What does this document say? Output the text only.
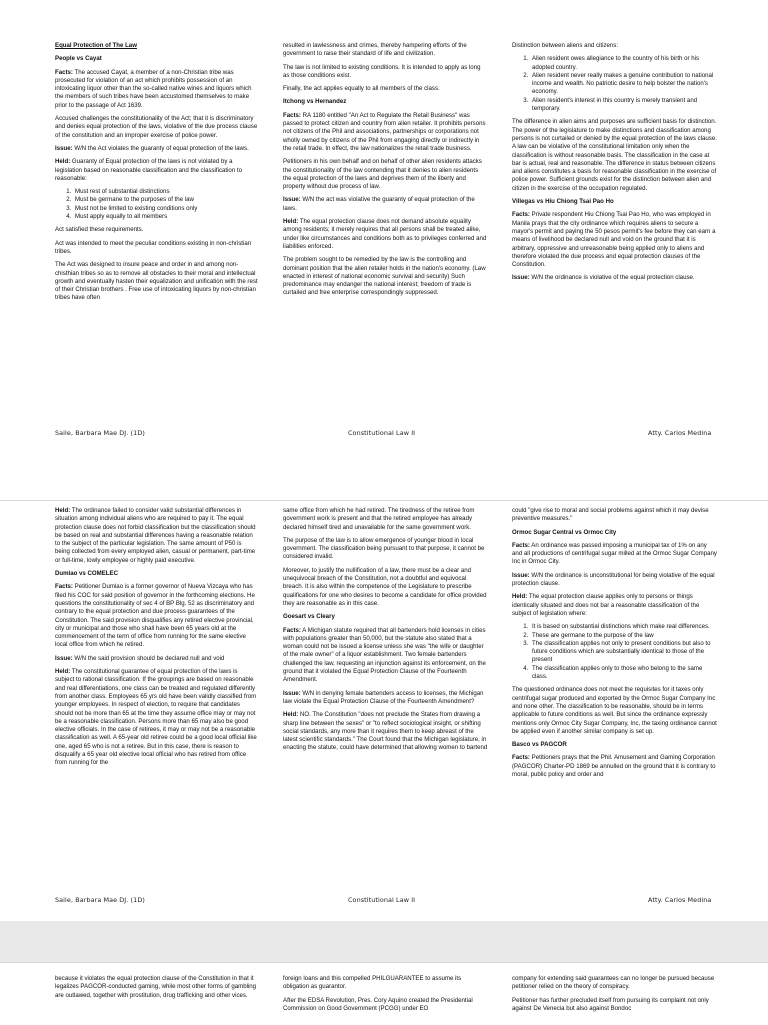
Equal Protection of The Law

People vs Cayat

Facts: The accused Cayat, a member of a non-Christian tribe was prosecuted for violation of an act which prohibits possession of an intoxicating liquor other than the so-called native wines and liquors which the members of such tribes have been accustomed themselves to make prior to the passage of Act 1639.

Accused challenges the constitutionality of the Act; that it is discriminatory and denies equal protection of the laws, violative of the due process clause of the constitution and an improper exercise of police power.

Issue: W/N the Act violates the guaranty of equal protection of the laws.

Held: Guaranty of Equal protection of the laws is not violated by a legislation based on reasonable classification and the classification to reasonable:

1. Must rest of substantial distinctions
2. Must be germane to the purposes of the law
3. Must not be limited to existing conditions only
4. Must apply equally to all members

Act satisfied these requirements.

Act was intended to meet the peculiar conditions existing in non-christian tribes.

The Act was designed to insure peace and order in and among non-chisthian tribes so as to remove all obstacles to their moral and intellectual growth and eventually hasten their equalization and unification with the rest of their Christian brothers . Free use of intoxicating liquors by non-christian tribes have often

resulted in lawlessness and crimes, thereby hampering efforts of the government to raise their standard of life and civilization.

The law is not limited to existing conditions. It is intended to apply as long as those conditions exist.

Finally, the act applies equally to all members of the class.

Itchong vs Hernandez

Facts: RA 1180 entitled "An Act to Regulate the Retail Business" was passed to protect citizen and country from alien retailer. It prohibits persons not citizens of the Phil and associations, partnerships or corporations not wholly owned by citizens of the Phil from engaging directly or indirectly in the retail trade. In effect, the law nationalizes the retail trade business.

Petitioners in his own behalf and on behalf of other alien residents attacks the constitutionality of the law contending that it denies to alien residents the equal protection of the laws and deprives them of the liberty and property without due process of law.

Issue: W/N the act was violative the guaranty of equal protection of the laws.

Held: The equal protection clause does not demand absolute equality among residents; it merely requires that all persons shall be treated alike, under like circumstances and conditions both as to privileges conferred and liabilities enforced.

The problem sought to be remedied by the law is the controlling and dominant position that the alien retailer holds in the nation's economy. (Law enacted in interest of national economic survival and security) Such predominance may endanger the national interest; freedom of trade is curtailed and free enterprise correspondingly suppressed.

Distinction between aliens and citizens:

1. Alien resident owes allegiance to the country of his birth or his adopted country.
2. Alien resident never really makes a genuine contribution to national income and wealth. No patriotic desire to help bolster the nation's economy.
3. Alien resident's interest in this country is merely transient and temporary.

The difference in alien aims and purposes are sufficient basis for distinction. The power of the legislature to make distinctions and classification among persons is not curtailed or denied by the equal protection of the laws clause. A law can be violative of the constitutional limitation only when the classification is without reasonable basis. The classification in the case at bar is actual, real and reasonable. The difference in status between citizens and aliens constitutes a basis for reasonable classification in the exercise of police power. Sufficient grounds exist for the distinction between alien and citizen in the exercise of the occupation regulated.

Villegas vs Hiu Chiong Tsai Pao Ho

Facts: Private respondent Hiu Chiong Tsai Pao Ho, who was employed in Manila prays that the city ordinance which requires aliens to secure a mayor's permit and paying the 50 pesos permit's fee before they can earn a means of livelihood be declared null and void on the ground that it is arbitrary, oppressive and unreasonable being applied only to aliens and therefore violated the due process and equal protection clauses of the Constitution.

Issue: W/N the ordinance is violative of the equal protection clause.

Saile, Barbara Mae DJ. (1D)	Constitutional Law II	Atty. Carlos Medina

Held: The ordinance failed to consider valid substantial differences in situation among individual aliens who are required to pay it. The equal protection clause does not forbid classification but the classification should be based on real and substantial differences having a reasonable relation to the subject of the particular legislation. The same amount of P50 is being collected from every employed alien, casual or permanent, part-time or full-time, lowly employee or highly paid executive.

Dumlao vs COMELEC

Facts: Petitioner Dumlao is a former governor of Nueva Vizcaya who has filed his COC for said position of governor in the forthcoming elections. He questions the constitutionality of sec 4 of BP Blg. 52 as discriminatory and contrary to the equal protection and due process guarantees of the Constitution. The said provision disqualifies any retired elective provincial, city or municipal and those who shall have been 65 years old at the commencement of the term of office from running for the same elective local office from which he retired.

Issue: W/N the said provision should be declared null and void

Held: The constitutional guarantee of equal protection of the laws is subject to rational classification. If the groupings are based on reasonable and real differentiations, one class can be treated and regulated differently from another class. Employees 65 yrs old have been validly classified from younger employees. In respect of election, to require that candidates should not be more than 65 at the time they assume office may or may not be a reasonable classification. Persons more than 65 may also be good elective officials. In the case of retirees, it may or may not be a reasonable classification as well. A 65-year old retiree could be a good local official like one, aged 65 who is not a retiree. But in this case, there is reason to disqualify a 65 year old elective local official who has retired from office from running for the

same office from which he had retired. The tiredness of the retiree from government work is present and that the retired employee has already declared himself tired and unavailable for the same government work.

The purpose of the law is to allow emergence of younger blood in local government. The classification being pursuant to that purpose, it cannot be considered invalid.

Moreover, to justify the nullification of a law, there must be a clear and unequivocal breach of the Constitution, not a doubtful and equivocal breach. It is also within the competence of the Legislature to prescribe qualifications for one who desires to become a candidate for office provided they are reasonable as in this case.

Goesart vs Cleary

Facts: A Michigan statute required that all bartenders hold licenses in cities with populations greater than 50,000, but the statute also stated that a woman could not be issued a license unless she was "the wife or daughter of the male owner" of a liquor establishment. Two female bartenders challenged the law, requesting an injunction against its enforcement, on the ground that it violated the Equal Protection Clause of the Fourteenth Amendment.

Issue: W/N in denying female bartenders access to licenses, the Michigan law violate the Equal Protection Clause of the Fourteenth Amendment?

Held: NO. The Constitution "does not preclude the States from drawing a sharp line between the sexes" or "to reflect sociological insight, or shifting social standards, any more than it requires them to keep abreast of the latest scientific standards." The Court found that the Michigan legislature, in enacting the statute, could have determined that allowing women to bartend

could "give rise to moral and social problems against which it may devise preventive measures."

Ormoc Sugar Central vs Ormoc City

Facts: An ordinance was passed imposing a municipal tax of 1% on any and all productions of centrifugal sugar milled at the Ormoc Sugar Company Inc in Ormoc City.

Issue: W/N the ordinance is unconstitutional for being violative of the equal protection clause.

Held: The equal protection clause applies only to persons or things identically situated and does not bar a reasonable classification of the subject of legislation where:

1. It is based on substantial distinctions which make real differences.
2. These are germane to the purpose of the law
3. The classification applies not only to present conditions but also to future conditions which are substantially identical to those of the present
4. The classification applies only to those who belong to the same class.

The questioned ordinance does not meet the requisites for it taxes only centrifugal sugar produced and exported by the Ormoc Sugar Company Inc and none other. The classification to be reasonable, should be in terms applicable to future conditions as well. But since the ordinance expressly mentions only Ormoc City Sugar Company, Inc, the taxing ordinance cannot be applied even if another similar company is set up.

Basco vs PAGCOR

Facts: Petitioners prays that the Phil. Amusement and Gaming Corporation (PAGCOR) Charter-PD 1869 be annulled on the ground that it is contrary to moral, public policy and order and

Saile, Barbara Mae DJ. (1D)	Constitutional Law II	Atty. Carlos Medina

because it violates the equal protection clause of the Constitution in that it legalizes PAGCOR-conducted gaming, while most other forms of gambling are outlawed, together with prostitution, drug trafficking and other vices.

foreign loans and this compelled PHILGUARANTEE to assume its obligation as guarantor.

After the EDSA Revolution, Pres. Cory Aquino created the Presidential Commission on Good Government (PCGG) under EO

company for extending said guarantees can no longer be pursued because petitioner relied on the theory of conspiracy.

Petitioner has further precluded itself from pursuing its complaint not only against De Venecia but also against Bondoc
